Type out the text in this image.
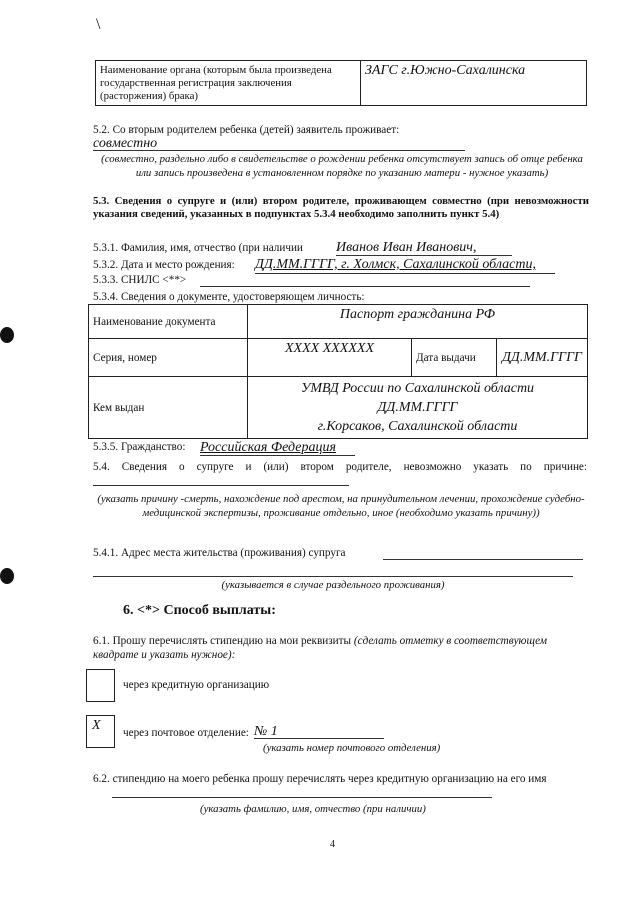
\
Наименование органа (которым была произведена государственная регистрация заключения (расторжения) брака)	ЗАГС г.Южно-Сахалинска
5.2. Со вторым родителем ребенка (детей) заявитель проживает:
совместно
(совместно, раздельно либо в свидетельстве о рождении ребенка отсутствует запись об отце ребенка или запись произведена в установленном порядке по указанию матери - нужное указать)
5.3. Сведения о супруге и (или) втором родителе, проживающем совместно (при невозможности указания сведений, указанных в подпунктах 5.3.4 необходимо заполнить пункт 5.4)
5.3.1. Фамилия, имя, отчество (при наличии Иванов Иван Иванович,
5.3.2. Дата и место рождения: ДД.ММ.ГГГГ, г. Холмск, Сахалинской области,
5.3.3. СНИЛС <**>
5.3.4. Сведения о документе, удостоверяющем личность:
Наименование документа	Паспорт гражданина РФ		
Серия, номер	XXXX XXXXXX	Дата выдачи	ДД.ММ.ГГГГ
Кем выдан	УМВД России по Сахалинской области
ДД.ММ.ГГГГ
г.Корсаков, Сахалинской области		
5.3.5. Гражданство: Российская Федерация
5.4. Сведения о супруге и (или) втором родителе, невозможно указать по причине:
(указать причину -смерть, нахождение под арестом, на принудительном лечении, прохождение судебно-медицинской экспертизы, проживание отдельно, иное (необходимо указать причину))
5.4.1. Адрес места жительства (проживания) супруга
(указывается в случае раздельного проживания)
6. <*> Способ выплаты:
6.1. Прошу перечислять стипендию на мои реквизиты (сделать отметку в соответствующем квадрате и указать нужное):
через кредитную организацию
X	через почтовое отделение: № 1
(указать номер почтового отделения)
6.2. стипендию на моего ребенка прошу перечислять через кредитную организацию на его имя
(указать фамилию, имя, отчество (при наличии)
4
